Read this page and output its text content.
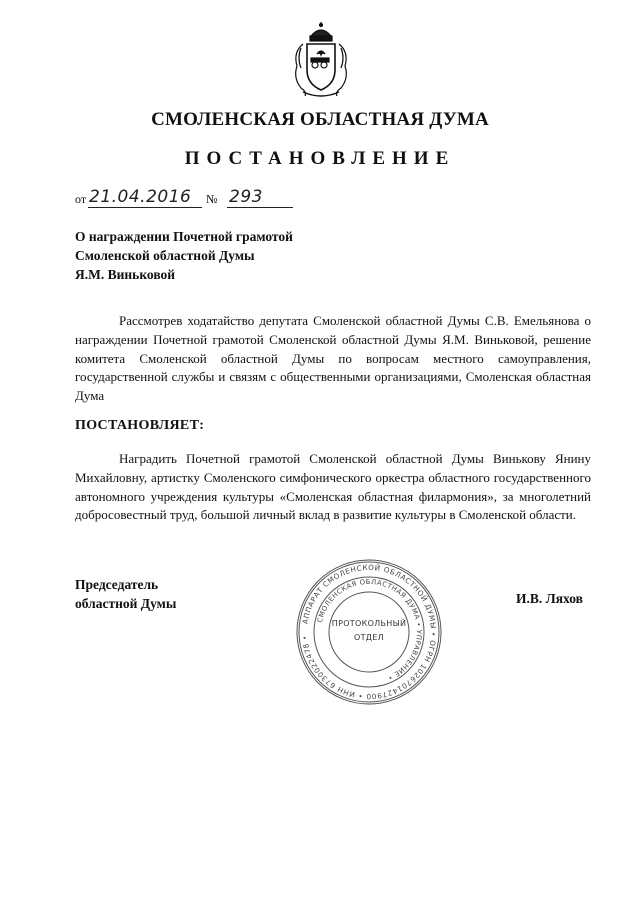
СМОЛЕНСКАЯ ОБЛАСТНАЯ ДУМА
ПОСТАНОВЛЕНИЕ
от 21.04.2016 № 293
О награждении Почетной грамотой
Смоленской областной Думы
Я.М. Виньковой
Рассмотрев ходатайство депутата Смоленской областной Думы С.В. Емельянова о награждении Почетной грамотой Смоленской областной Думы Я.М. Виньковой, решение комитета Смоленской областной Думы по вопросам местного самоуправления, государственной службы и связям с общественными организациями, Смоленская областная Дума
ПОСТАНОВЛЯЕТ:
Наградить Почетной грамотой Смоленской областной Думы Винькову Янину Михайловну, артистку Смоленского симфонического оркестра областного государственного автономного учреждения культуры «Смоленская областная филармония», за многолетний добросовестный труд, большой личный вклад в развитие культуры в Смоленской области.
Председатель
областной Думы
АППАРАТ СМОЛЕНСКОЙ ОБЛАСТНОЙ ДУМЫ • ОГРН 1026701427900 • ИНН 6730022478 •
СМОЛЕНСКАЯ ОБЛАСТНАЯ ДУМА • УПРАВЛЕНИЕ •
ПРОТОКОЛЬНЫЙ
ОТДЕЛ
И.В. Ляхов
